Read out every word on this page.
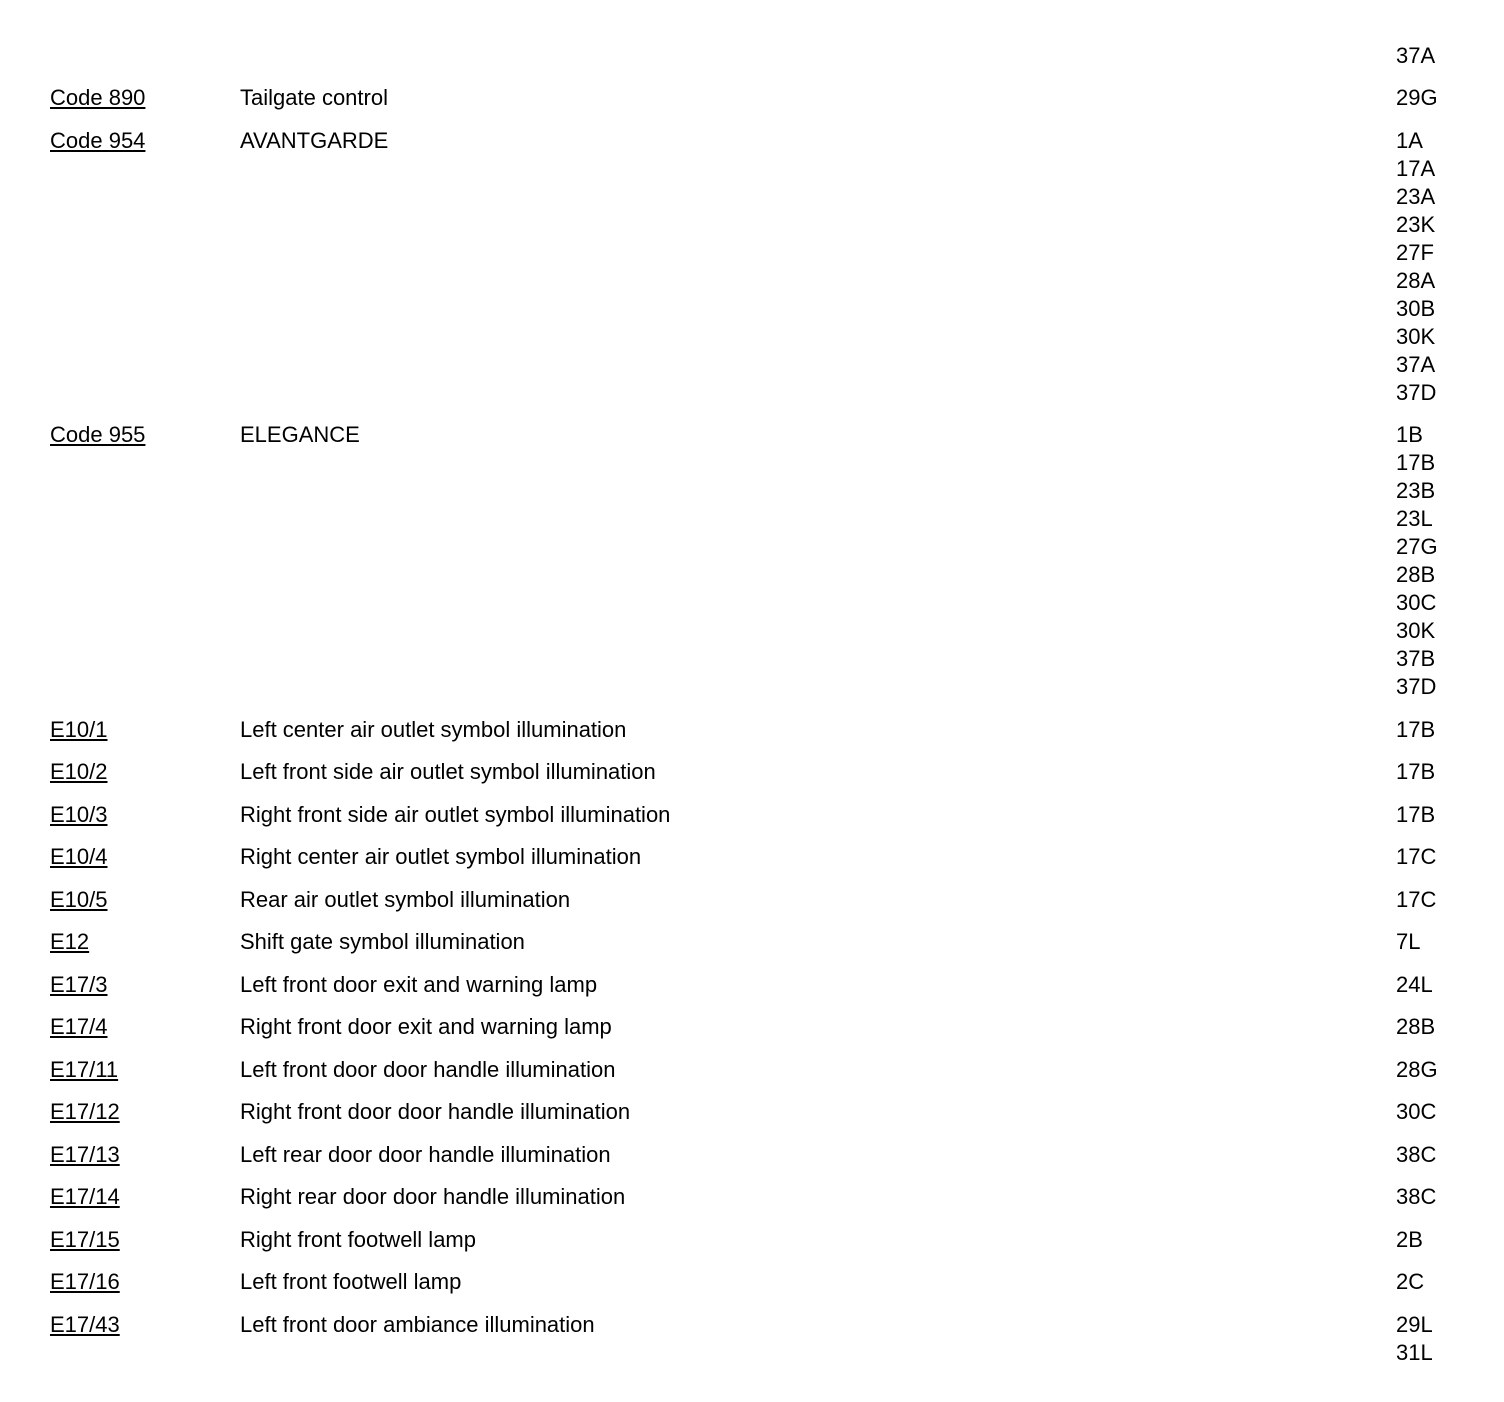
37A
Code 890	Tailgate control	29G
Code 954	AVANTGARDE	1A
17A
23A
23K
27F
28A
30B
30K
37A
37D
Code 955	ELEGANCE	1B
17B
23B
23L
27G
28B
30C
30K
37B
37D
E10/1	Left center air outlet symbol illumination	17B
E10/2	Left front side air outlet symbol illumination	17B
E10/3	Right front side air outlet symbol illumination	17B
E10/4	Right center air outlet symbol illumination	17C
E10/5	Rear air outlet symbol illumination	17C
E12	Shift gate symbol illumination	7L
E17/3	Left front door exit and warning lamp	24L
E17/4	Right front door exit and warning lamp	28B
E17/11	Left front door door handle illumination	28G
E17/12	Right front door door handle illumination	30C
E17/13	Left rear door door handle illumination	38C
E17/14	Right rear door door handle illumination	38C
E17/15	Right front footwell lamp	2B
E17/16	Left front footwell lamp	2C
E17/43	Left front door ambiance illumination	29L
31L
